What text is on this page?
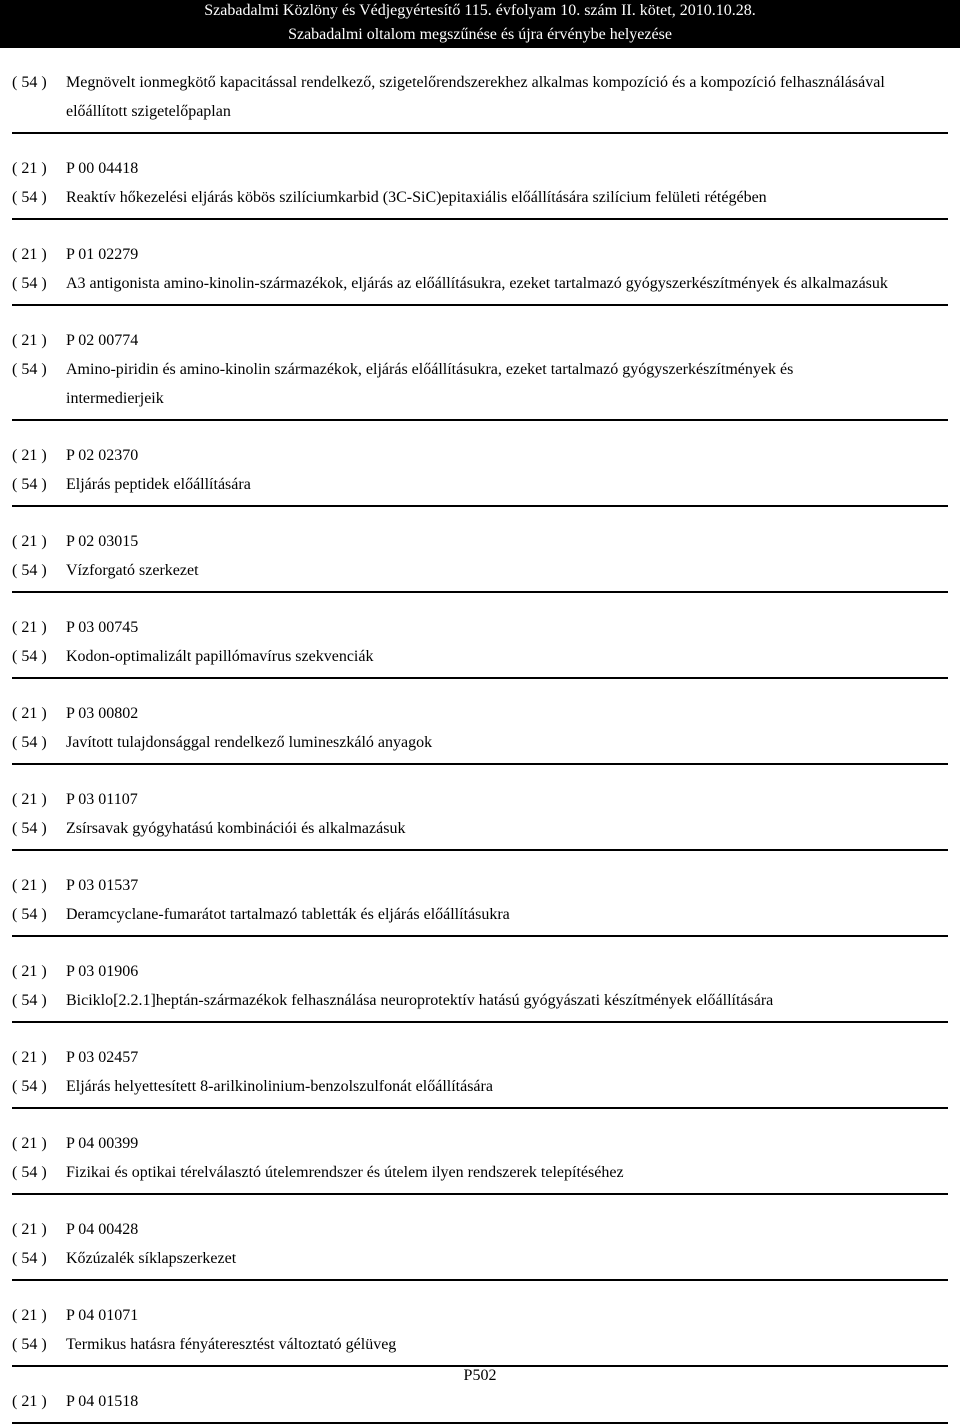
Szabadalmi Közlöny és Védjegyértesítő 115. évfolyam 10. szám II. kötet, 2010.10.28.
Szabadalmi oltalom megszűnése és újra érvénybe helyezése
( 54 )	Megnövelt ionmegkötő kapacitással rendelkező, szigetelőrendszerekhez alkalmas kompozíció és a kompozíció felhasználásával előállított szigetelőpaplan
( 21 )	P 00 04418
( 54 )	Reaktív hőkezelési eljárás köbös szilíciumkarbid (3C-SiC)epitaxiális előállítására szilícium felületi rétégében
( 21 )	P 01 02279
( 54 )	A3 antigonista amino-kinolin-származékok, eljárás az előállításukra, ezeket tartalmazó gyógyszerkészítmények és alkalmazásuk
( 21 )	P 02 00774
( 54 )	Amino-piridin és amino-kinolin származékok, eljárás előállításukra, ezeket tartalmazó gyógyszerkészítmények és intermedierjeik
( 21 )	P 02 02370
( 54 )	Eljárás peptidek előállítására
( 21 )	P 02 03015
( 54 )	Vízforgató szerkezet
( 21 )	P 03 00745
( 54 )	Kodon-optimalizált papillómavírus szekvenciák
( 21 )	P 03 00802
( 54 )	Javított tulajdonsággal rendelkező lumineszkáló anyagok
( 21 )	P 03 01107
( 54 )	Zsírsavak gyógyhatású kombinációi és alkalmazásuk
( 21 )	P 03 01537
( 54 )	Deramcyclane-fumarátot tartalmazó tabletták és eljárás előállításukra
( 21 )	P 03 01906
( 54 )	Biciklo[2.2.1]heptán-származékok felhasználása neuroprotektív hatású gyógyászati készítmények előállítására
( 21 )	P 03 02457
( 54 )	Eljárás helyettesített 8-arilkinolinium-benzolszulfonát előállítására
( 21 )	P 04 00399
( 54 )	Fizikai és optikai térelválasztó útelemrendszer és útelem ilyen rendszerek telepítéséhez
( 21 )	P 04 00428
( 54 )	Kőzúzalék síklapszerkezet
( 21 )	P 04 01071
( 54 )	Termikus hatásra fényáteresztést változtató gélüveg
( 21 )	P 04 01518
P502
